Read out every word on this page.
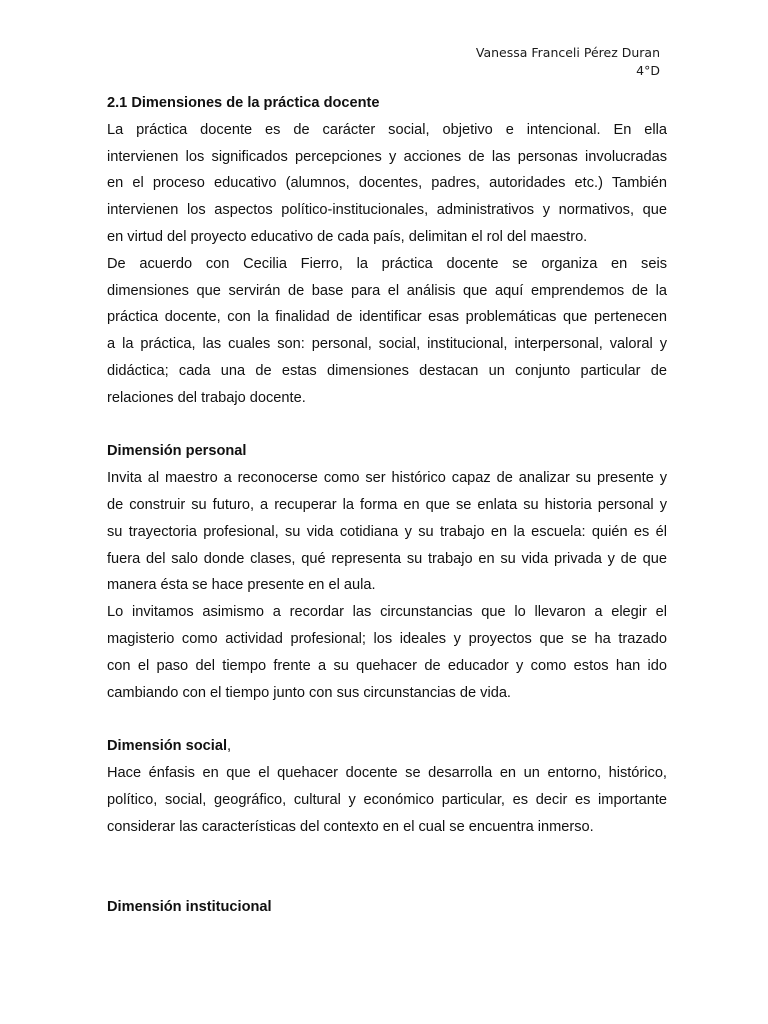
Vanessa Franceli Pérez Duran
4°D
2.1 Dimensiones de la práctica docente
La práctica docente es de carácter social, objetivo e intencional. En ella
intervienen los significados percepciones y acciones de las personas involucradas
en el proceso educativo (alumnos, docentes, padres, autoridades etc.) También
intervienen los aspectos político-institucionales, administrativos y normativos, que
en virtud del proyecto educativo de cada país, delimitan el rol del maestro.
De acuerdo con Cecilia Fierro, la práctica docente se organiza en seis
dimensiones que servirán de base para el análisis que aquí emprendemos de la
práctica docente, con la finalidad de identificar esas problemáticas que pertenecen
a la práctica, las cuales son: personal, social, institucional, interpersonal, valoral y
didáctica; cada una de estas dimensiones destacan un conjunto particular de
relaciones del trabajo docente.
Dimensión personal
Invita al maestro a reconocerse como ser histórico capaz de analizar su presente y
de construir su futuro, a recuperar la forma en que se enlata su historia personal y
su trayectoria profesional, su vida cotidiana y su trabajo en la escuela: quién es él
fuera del salo donde clases, qué representa su trabajo en su vida privada y de que
manera ésta se hace presente en el aula.
Lo invitamos asimismo a recordar las circunstancias que lo llevaron a elegir el
magisterio como actividad profesional; los ideales y proyectos que se ha trazado
con el paso del tiempo frente a su quehacer de educador y como estos han ido
cambiando con el tiempo junto con sus circunstancias de vida.
Dimensión social,
Hace énfasis en que el quehacer docente se desarrolla en un entorno, histórico,
político, social, geográfico, cultural y económico particular, es decir es importante
considerar las características del contexto en el cual se encuentra inmerso.
Dimensión institucional
